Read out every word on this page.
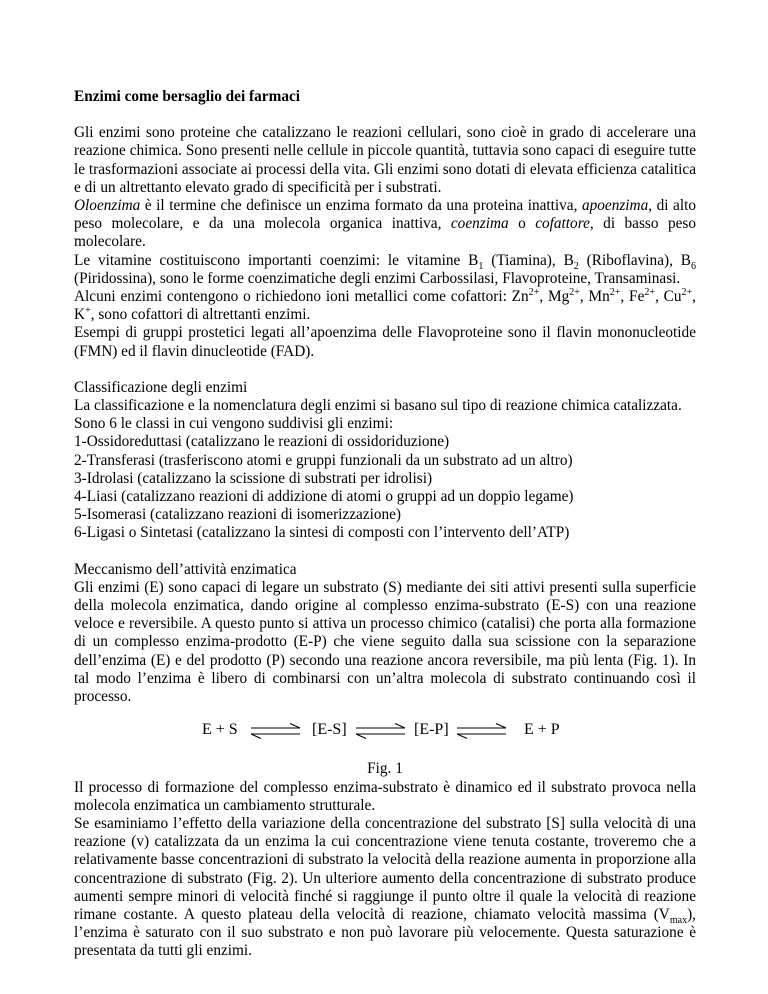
Enzimi come bersaglio dei farmaci

Gli enzimi sono proteine che catalizzano le reazioni cellulari, sono cioè in grado di accelerare una reazione chimica. Sono presenti nelle cellule in piccole quantità, tuttavia sono capaci di eseguire tutte le trasformazioni associate ai processi della vita. Gli enzimi sono dotati di elevata efficienza catalitica e di un altrettanto elevato grado di specificità per i substrati.

Oloenzima è il termine che definisce un enzima formato da una proteina inattiva, apoenzima, di alto peso molecolare, e da una molecola organica inattiva, coenzima o cofattore, di basso peso molecolare.

Le vitamine costituiscono importanti coenzimi: le vitamine $B_1$ (Tiamina), $B_2$ (Riboflavina), $B_6$ (Piridossina), sono le forme coenzimatiche degli enzimi Carbossilasi, Flavoproteine, Transaminasi.

Alcuni enzimi contengono o richiedono ioni metallici come cofattori: $Zn^{2+}$, $Mg^{2+}$, $Mn^{2+}$, $Fe^{2+}$, $Cu^{2+}$, K+, sono cofattori di altrettanti enzimi.

Esempi di gruppi prostetici legati all’apoenzima delle Flavoproteine sono il flavin mononucleotide (FMN) ed il flavin dinucleotide (FAD).

Classificazione degli enzimi

La classificazione e la nomenclatura degli enzimi si basano sul tipo di reazione chimica catalizzata.

Sono 6 le classi in cui vengono suddivisi gli enzimi:

1-Ossidoreduttasi (catalizzano le reazioni di ossidoriduzione)

2-Transferasi (trasferiscono atomi e gruppi funzionali da un substrato ad un altro)

3-Idrolasi (catalizzano la scissione di substrati per idrolisi)

4-Liasi (catalizzano reazioni di addizione di atomi o gruppi ad un doppio legame)

5-Isomerasi (catalizzano reazioni di isomerizzazione)

6-Ligasi o Sintetasi (catalizzano la sintesi di composti con l’intervento dell’ATP)

Meccanismo dell’attività enzimatica

Gli enzimi (E) sono capaci di legare un substrato (S) mediante dei siti attivi presenti sulla superficie della molecola enzimatica, dando origine al complesso enzima-substrato (E-S) con una reazione veloce e reversibile. A questo punto si attiva un processo chimico (catalisi) che porta alla formazione di un complesso enzima-prodotto (E-P) che viene seguito dalla sua scissione con la separazione dell’enzima (E) e del prodotto (P) secondo una reazione ancora reversibile, ma più lenta (Fig. 1). In tal modo l’enzima è libero di combinarsi con un’altra molecola di substrato continuando così il processo.

E + S	[E-S]	[E-P]	E + P

Fig. 1

Il processo di formazione del complesso enzima-substrato è dinamico ed il substrato provoca nella molecola enzimatica un cambiamento strutturale.

Se esaminiamo l’effetto della variazione della concentrazione del substrato [S] sulla velocità di una reazione (v) catalizzata da un enzima la cui concentrazione viene tenuta costante, troveremo che a relativamente basse concentrazioni di substrato la velocità della reazione aumenta in proporzione alla concentrazione di substrato (Fig. 2). Un ulteriore aumento della concentrazione di substrato produce aumenti sempre minori di velocità finché si raggiunge il punto oltre il quale la velocità di reazione rimane costante. A questo plateau della velocità di reazione, chiamato velocità massima $(V_{max})$, l’enzima è saturato con il suo substrato e non può lavorare più velocemente. Questa saturazione è presentata da tutti gli enzimi.
